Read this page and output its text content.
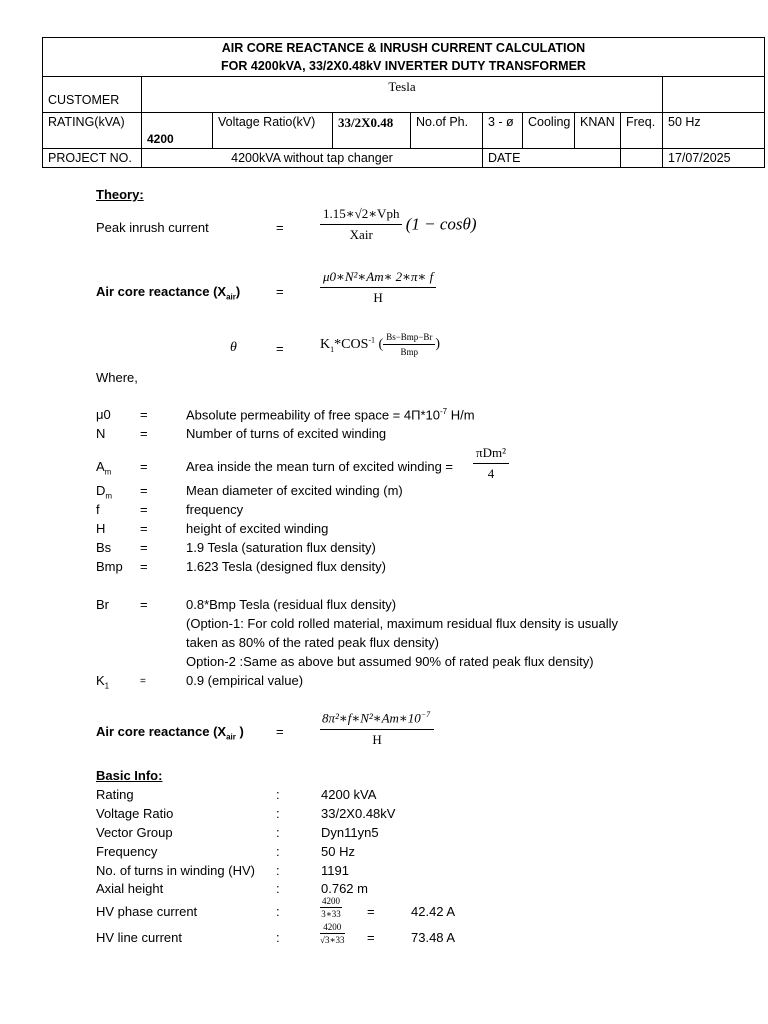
AIR CORE REACTANCE & INRUSH CURRENT CALCULATION
FOR 4200kVA, 33/2X0.48kV INVERTER DUTY TRANSFORMER									

CUSTOMER	Tesla								
RATING(kVA)	4200	Voltage Ratio(kV)	33/2X0.48	No.of Ph.	3 - ø	Cooling	KNAN	Freq.	50 Hz
PROJECT NO.	4200kVA without tap changer				DATE				17/07/2025
Theory:
Peak inrush current	=	$\frac{\text{1.15∗√2∗Vph}}{\text{Xair}} (1 - \cos\theta)$
Air core reactance $(X_{air})$	=	$\frac{\text{μ0∗N²∗Am∗ 2∗π∗ f}}{H}$
θ	=	$K_1*COS^{-1}$ ( $\frac{\text{Bs−Bmp−Br}}{\text{Bmp}}$ )
Where,
μ0 =	Absolute permeability of free space = $4\Pi*10^{-7}$ H/m
N	=	Number of turns of excited winding
$A_m$ =	Area inside the mean turn of excited winding = $\frac{\text{πDm²}}{4}$
$D_m$ =	Mean diameter of excited winding (m)
f	=	frequency
H	=	height of excited winding
Bs =	1.9 Tesla (saturation flux density)
Bmp =	1.623 Tesla (designed flux density)
Br =	0.8*Bmp Tesla (residual flux density)
(Option-1: For cold rolled material, maximum residual flux density is usually
taken as 80% of the rated peak flux density)
Option-2 :Same as above but assumed 90% of rated peak flux density)
$K_1$	=	0.9 (empirical value)
Air core reactance ($X_{air}$ ) =	$\frac{8\pi^2∗f∗N^2∗Am∗10^{-7}}{H}$
Basic Info:
Rating	:	4200 kVA
Voltage Ratio	:	33/2X0.48kV
Vector Group	:	Dyn11yn5
Frequency	:	50 Hz
No. of turns in winding (HV) :	1191
Axial height	:	0.762 m
HV phase current	:	$\frac{4200}{3∗33}$ =	42.42 A
HV line current	:	$\frac{4200}{√3∗33}$ =	73.48 A
